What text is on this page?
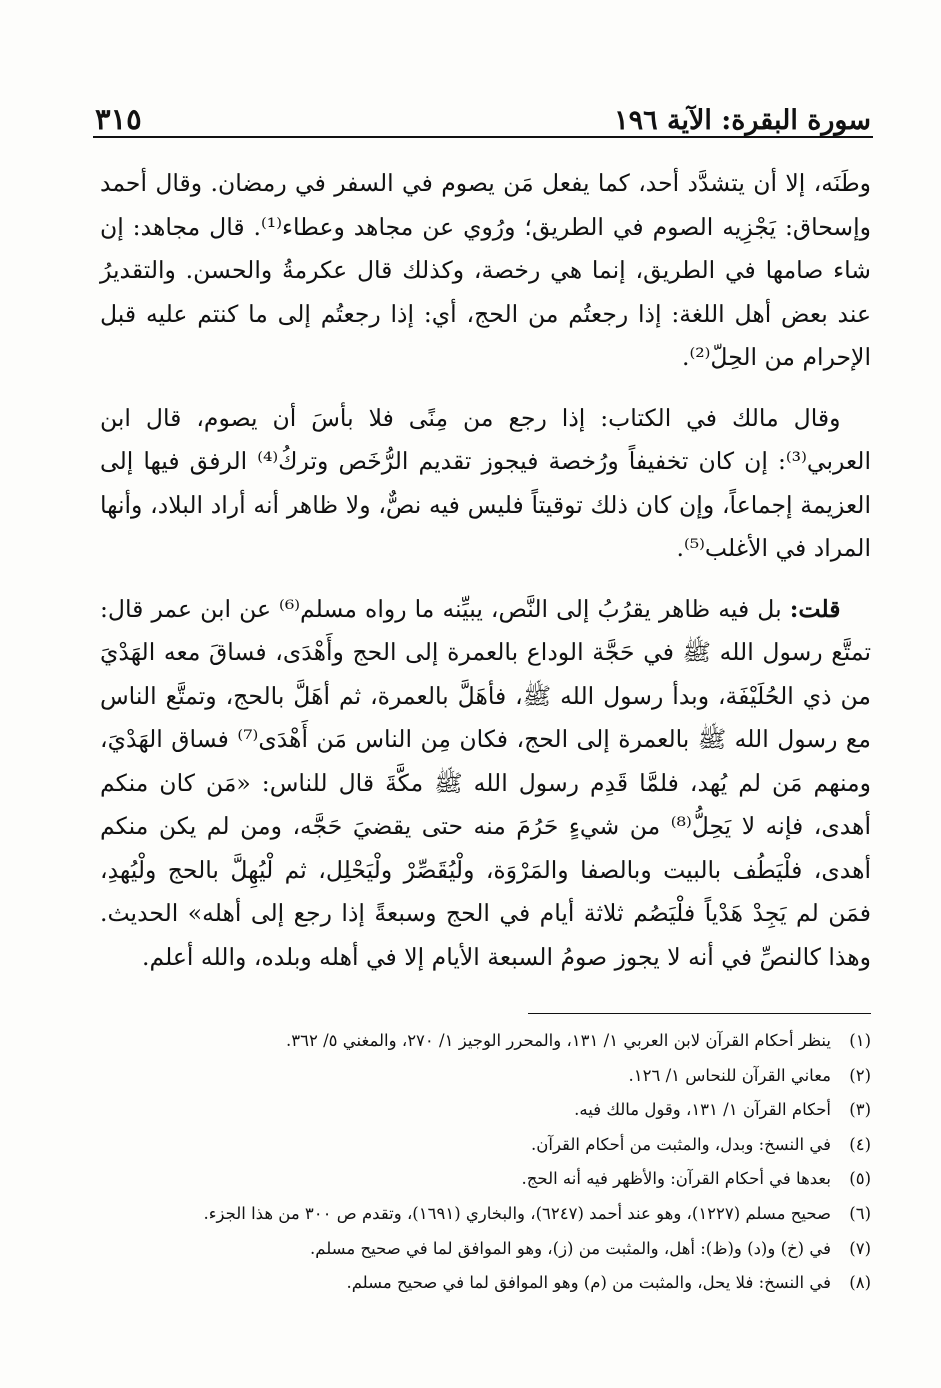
سورة البقرة: الآية ١٩٦
٣١٥

وطَنَه، إلا أن يتشدَّد أحد، كما يفعل مَن يصوم في السفر في رمضان. وقال أحمد وإسحاق: يَجْزِيه الصوم في الطريق؛ ورُوي عن مجاهد وعطاء⁽¹⁾. قال مجاهد: إن شاء صامها في الطريق، إنما هي رخصة، وكذلك قال عكرمةُ والحسن. والتقديرُ عند بعض أهل اللغة: إذا رجعتُم من الحج، أي: إذا رجعتُم إلى ما كنتم عليه قبل الإحرام من الحِلّ⁽²⁾.

وقال مالك في الكتاب: إذا رجع من مِنًى فلا بأسَ أن يصوم، قال ابن العربي⁽³⁾: إن كان تخفيفاً ورُخصة فيجوز تقديم الرُّخَص وتركُ⁽⁴⁾ الرفق فيها إلى العزيمة إجماعاً، وإن كان ذلك توقيتاً فليس فيه نصٌّ، ولا ظاهر أنه أراد البلاد، وأنها المراد في الأغلب⁽⁵⁾.

قلت: بل فيه ظاهر يقرُبُ إلى النَّص، يبيِّنه ما رواه مسلم⁽⁶⁾ عن ابن عمر قال: تمتَّع رسول الله ﷺ في حَجَّة الوداع بالعمرة إلى الحج وأَهْدَى، فساقَ معه الهَدْيَ من ذي الحُلَيْفَة، وبدأ رسول الله ﷺ، فأهَلَّ بالعمرة، ثم أهَلَّ بالحج، وتمتَّع الناس مع رسول الله ﷺ بالعمرة إلى الحج، فكان مِن الناس مَن أَهْدَى⁽⁷⁾ فساق الهَدْيَ، ومنهم مَن لم يُهد، فلمَّا قَدِم رسول الله ﷺ مكَّةَ قال للناس: «مَن كان منكم أهدى، فإنه لا يَحِلُّ⁽⁸⁾ من شيءٍ حَرُمَ منه حتى يقضيَ حَجَّه، ومن لم يكن منكم أهدى، فلْيَطُف بالبيت وبالصفا والمَرْوَة، ولْيُقَصِّرْ ولْيَحْلِل، ثم لْيُهِلَّ بالحج ولْيُهدِ، فمَن لم يَجِدْ هَدْياً فلْيَصُم ثلاثة أيام في الحج وسبعةً إذا رجع إلى أهله» الحديث. وهذا كالنصِّ في أنه لا يجوز صومُ السبعة الأيام إلا في أهله وبلده، والله أعلم.

(١)ينظر أحكام القرآن لابن العربي ١/ ١٣١، والمحرر الوجيز ١/ ٢٧٠، والمغني ٥/ ٣٦٢.
(٢)معاني القرآن للنحاس ١/ ١٢٦.
(٣)أحكام القرآن ١/ ١٣١، وقول مالك فيه.
(٤)في النسخ: وبدل، والمثبت من أحكام القرآن.
(٥)بعدها في أحكام القرآن: والأظهر فيه أنه الحج.
(٦)صحيح مسلم (١٢٢٧)، وهو عند أحمد (٦٢٤٧)، والبخاري (١٦٩١)، وتقدم ص ٣٠٠ من هذا الجزء.
(٧)في (خ) و(د) و(ظ): أهل، والمثبت من (ز)، وهو الموافق لما في صحيح مسلم.
(٨)في النسخ: فلا يحل، والمثبت من (م) وهو الموافق لما في صحيح مسلم.
